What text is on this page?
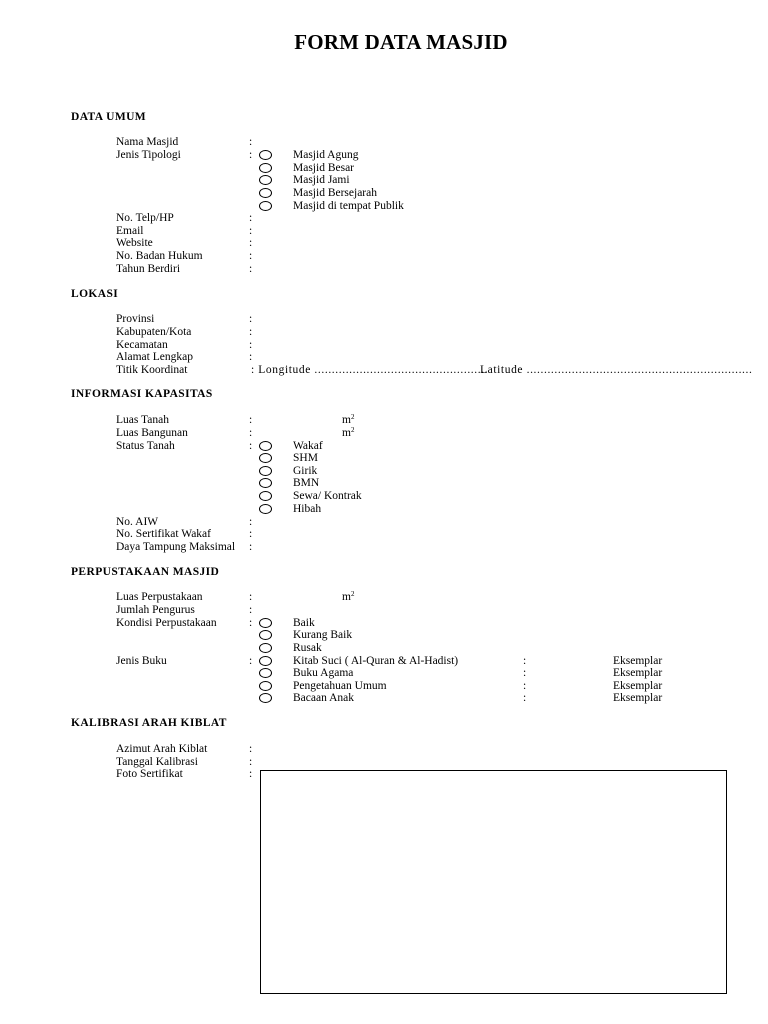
FORM DATA MASJID
DATA UMUM
Nama Masjid	:
Jenis Tipologi	:	Masjid Agung
Masjid Besar
Masjid Jami
Masjid Bersejarah
Masjid di tempat Publik
No. Telp/HP	:
Email	:
Website	:
No. Badan Hukum	:
Tahun Berdiri	:
LOKASI
Provinsi	:
Kabupaten/Kota	:
Kecamatan	:
Alamat Lengkap	:
Titik Koordinat	: Longitude ..................................................
Latitude .................................................................
INFORMASI KAPASITAS
Luas Tanah	:	$m^2$
Luas Bangunan	:	$m^2$
Status Tanah	:	Wakaf
SHM
Girik
BMN
Sewa/ Kontrak
Hibah
No. AIW	:
No. Sertifikat Wakaf	:
Daya Tampung Maksimal :
PERPUSTAKAAN MASJID
Luas Perpustakaan	:	$m^2$
Jumlah Pengurus	:
Kondisi Perpustakaan	:	Baik
Kurang Baik
Rusak
Jenis Buku	:	Kitab Suci ( Al-Quran & Al-Hadist)	:	Eksemplar
Buku Agama	:	Eksemplar
Pengetahuan Umum	:	Eksemplar
Bacaan Anak	:	Eksemplar
KALIBRASI ARAH KIBLAT
Azimut Arah Kiblat	:
Tanggal Kalibrasi	:
Foto Sertifikat	:
